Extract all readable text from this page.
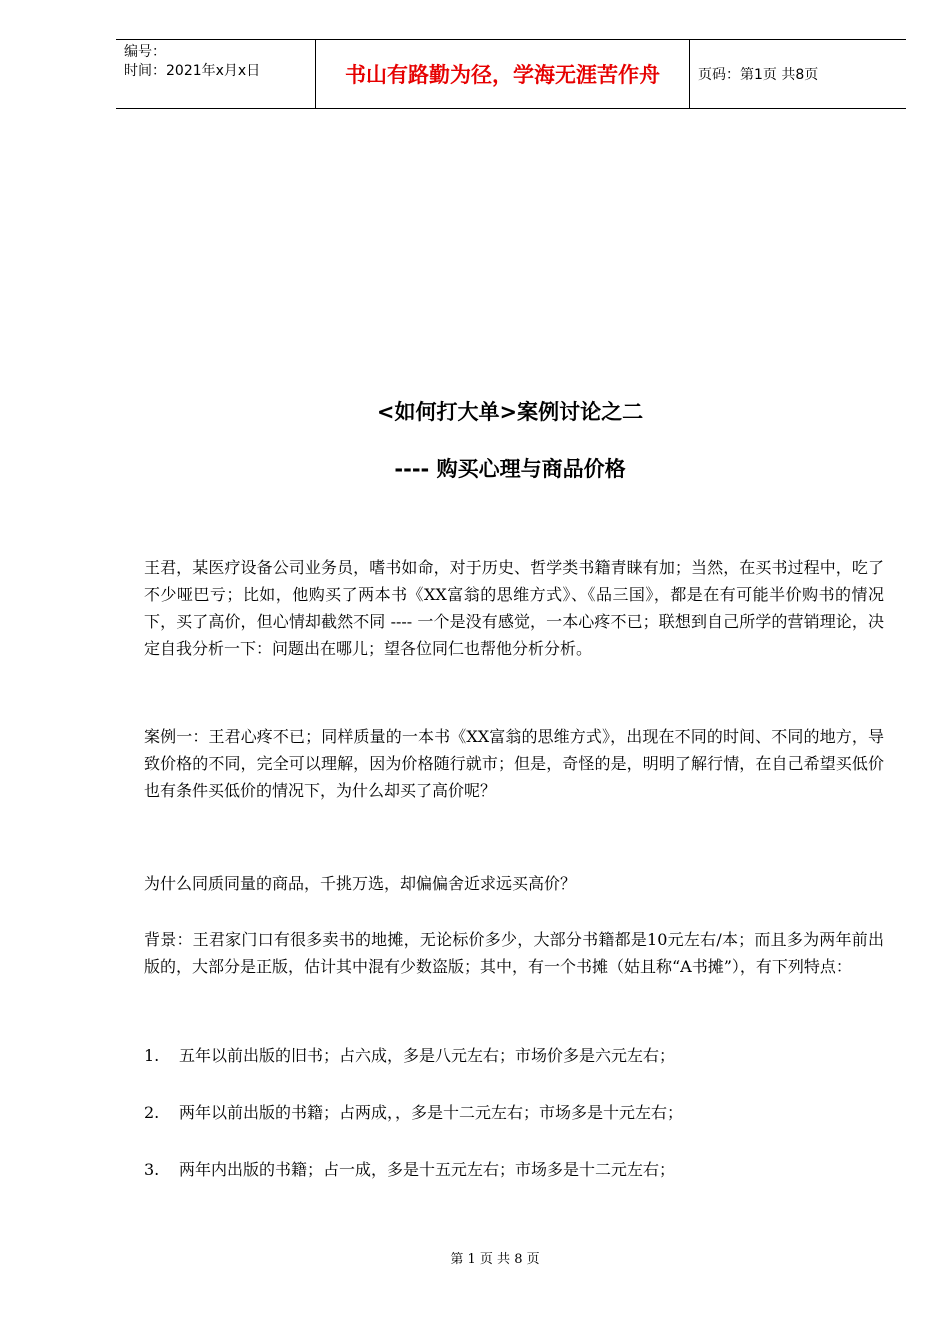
编号：
时间：2021年x月x日	书山有路勤为径，学海无涯苦作舟	页码：第1页 共8页
<如何打大单>案例讨论之二
---- 购买心理与商品价格
王君，某医疗设备公司业务员，嗜书如命，对于历史、哲学类书籍青睐有加；当然，在买书过程中，吃了不少哑巴亏；比如，他购买了两本书《XX富翁的思维方式》、《品三国》，都是在有可能半价购书的情况下，买了高价，但心情却截然不同 ---- 一个是没有感觉，一本心疼不已；联想到自己所学的营销理论，决定自我分析一下：问题出在哪儿；望各位同仁也帮他分析分析。
案例一：王君心疼不已；同样质量的一本书《XX富翁的思维方式》，出现在不同的时间、不同的地方，导致价格的不同，完全可以理解，因为价格随行就市；但是，奇怪的是，明明了解行情，在自己希望买低价也有条件买低价的情况下，为什么却买了高价呢？
为什么同质同量的商品，千挑万选，却偏偏舍近求远买高价？
背景：王君家门口有很多卖书的地摊，无论标价多少，大部分书籍都是10元左右/本；而且多为两年前出版的，大部分是正版，估计其中混有少数盗版；其中，有一个书摊（姑且称“A书摊”），有下列特点：
1. 五年以前出版的旧书；占六成，多是八元左右；市场价多是六元左右；
2. 两年以前出版的书籍；占两成，，多是十二元左右；市场多是十元左右；
3. 两年内出版的书籍；占一成，多是十五元左右；市场多是十二元左右；
第 1 页 共 8 页
